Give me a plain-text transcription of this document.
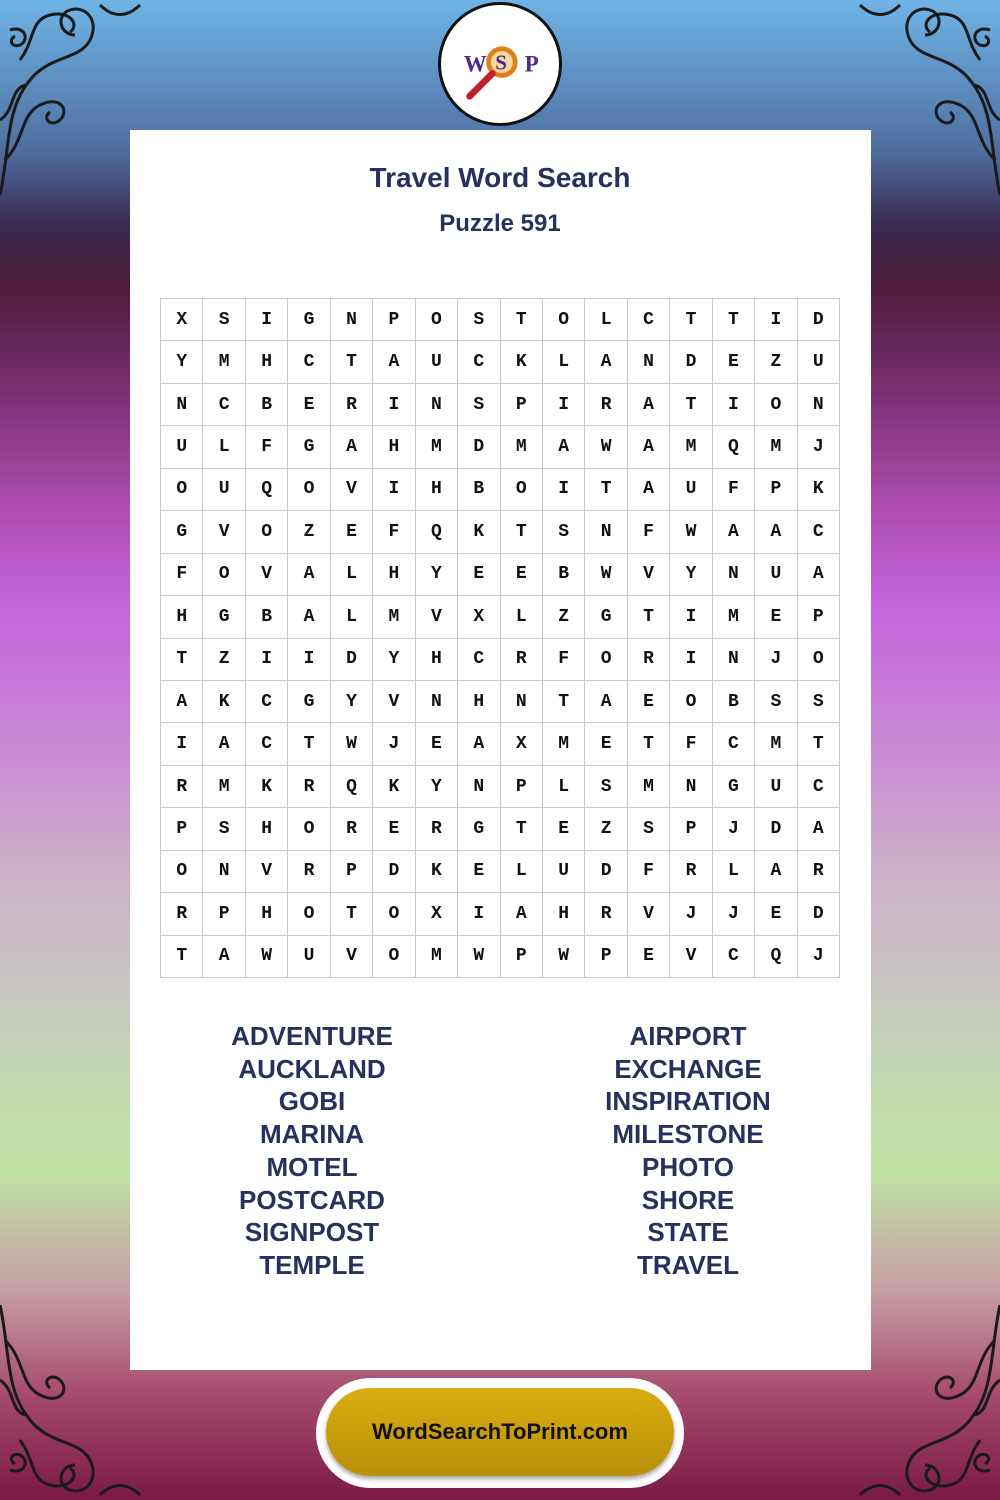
W S P
Travel Word Search
Puzzle 591
X	S	I	G	N	P	O	S	T	O	L	C	T	T	I	D
Y	M	H	C	T	A	U	C	K	L	A	N	D	E	Z	U
N	C	B	E	R	I	N	S	P	I	R	A	T	I	O	N
U	L	F	G	A	H	M	D	M	A	W	A	M	Q	M	J
O	U	Q	O	V	I	H	B	O	I	T	A	U	F	P	K
G	V	O	Z	E	F	Q	K	T	S	N	F	W	A	A	C
F	O	V	A	L	H	Y	E	E	B	W	V	Y	N	U	A
H	G	B	A	L	M	V	X	L	Z	G	T	I	M	E	P
T	Z	I	I	D	Y	H	C	R	F	O	R	I	N	J	O
A	K	C	G	Y	V	N	H	N	T	A	E	O	B	S	S
I	A	C	T	W	J	E	A	X	M	E	T	F	C	M	T
R	M	K	R	Q	K	Y	N	P	L	S	M	N	G	U	C
P	S	H	O	R	E	R	G	T	E	Z	S	P	J	D	A
O	N	V	R	P	D	K	E	L	U	D	F	R	L	A	R
R	P	H	O	T	O	X	I	A	H	R	V	J	J	E	D
T	A	W	U	V	O	M	W	P	W	P	E	V	C	Q	J
ADVENTURE
AUCKLAND
GOBI
MARINA
MOTEL
POSTCARD
SIGNPOST
TEMPLE
AIRPORT
EXCHANGE
INSPIRATION
MILESTONE
PHOTO
SHORE
STATE
TRAVEL
WordSearchToPrint.com
